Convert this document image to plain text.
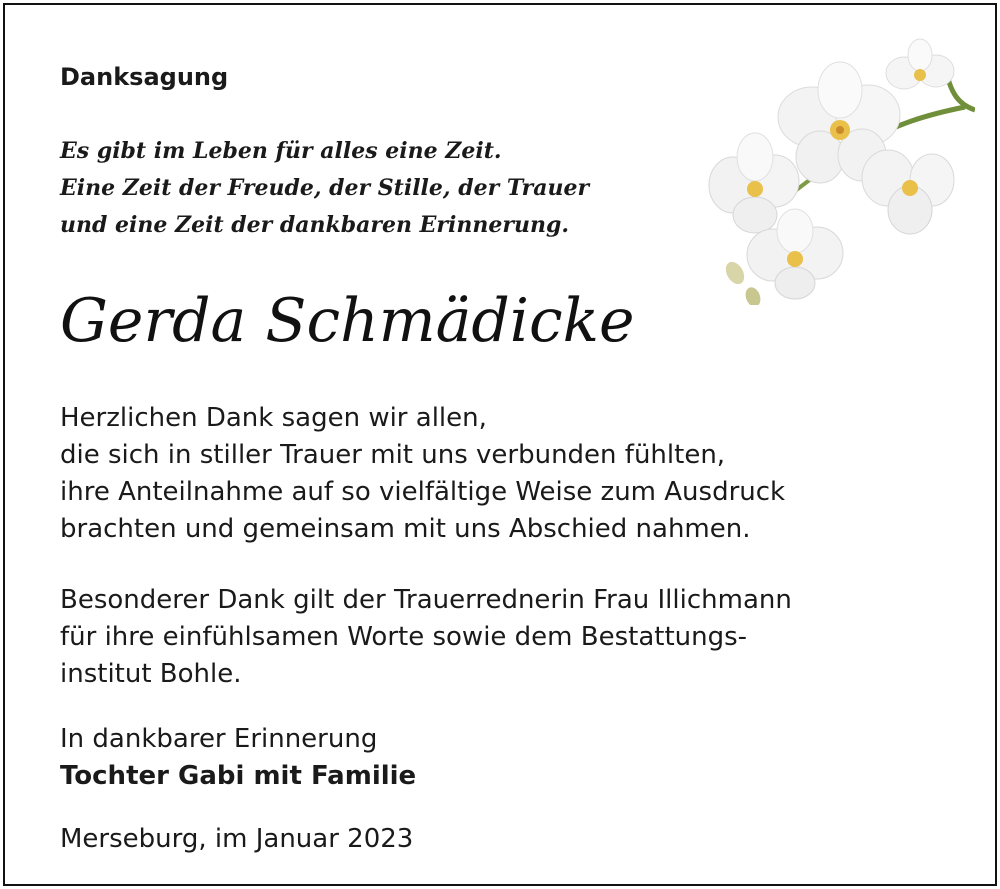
Danksagung
Es gibt im Leben für alles eine Zeit.
Eine Zeit der Freude, der Stille, der Trauer
und eine Zeit der dankbaren Erinnerung.
Gerda Schmädicke
Herzlichen Dank sagen wir allen,
die sich in stiller Trauer mit uns verbunden fühlten,
ihre Anteilnahme auf so vielfältige Weise zum Ausdruck
brachten und gemeinsam mit uns Abschied nahmen.
Besonderer Dank gilt der Trauerrednerin Frau Illichmann
für ihre einfühlsamen Worte sowie dem Bestattungs-
institut Bohle.
In dankbarer Erinnerung
Tochter Gabi mit Familie
Merseburg, im Januar 2023
